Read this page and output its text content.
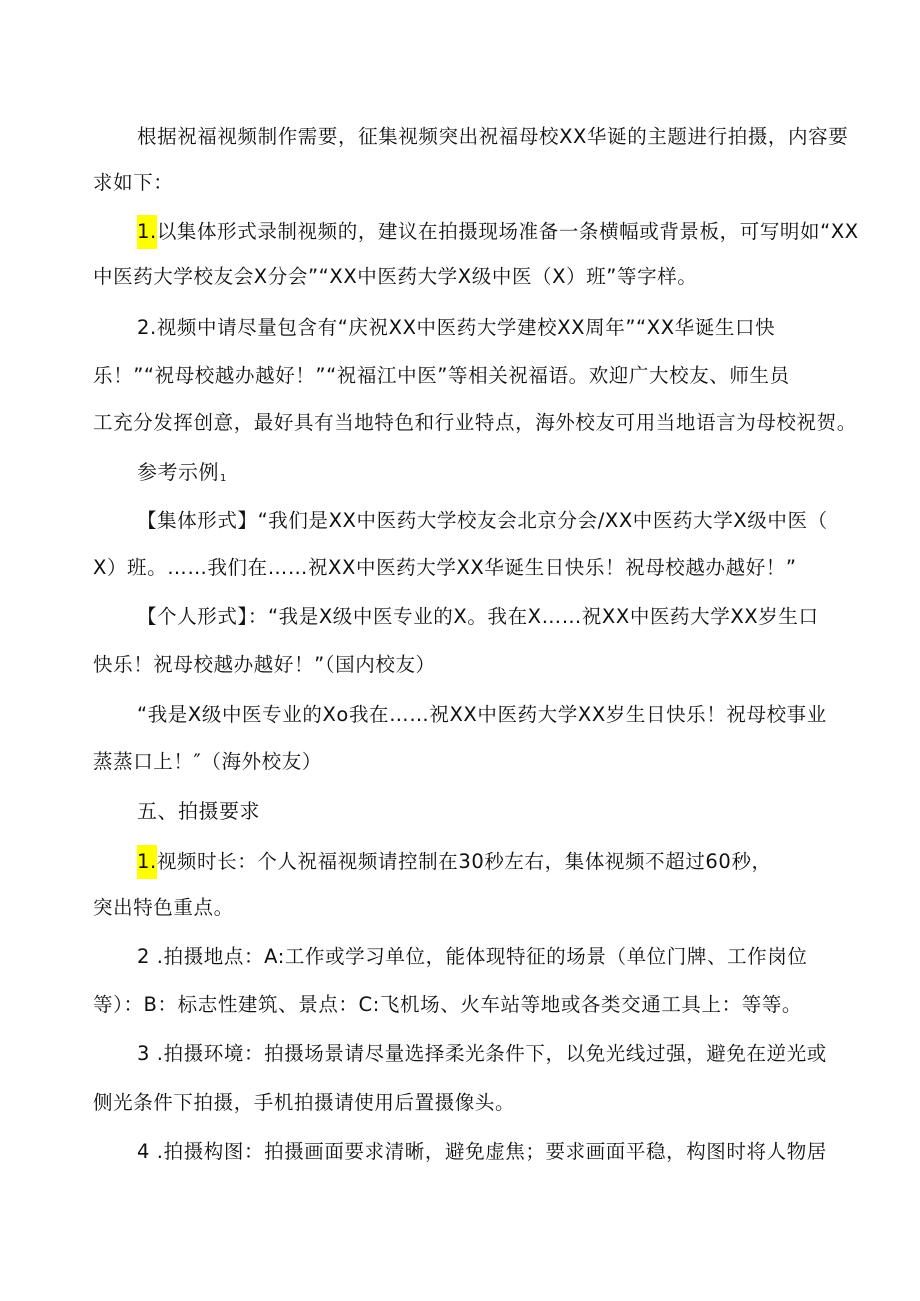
根据祝福视频制作需要，征集视频突出祝福母校XX华诞的主题进行拍摄，内容要
求如下：
1.以集体形式录制视频的，建议在拍摄现场准备一条横幅或背景板，可写明如“XX
中医药大学校友会X分会”“XX中医药大学X级中医（X）班”等字样。
2.视频中请尽量包含有“庆祝XX中医药大学建校XX周年”“XX华诞生口快
乐！”“祝母校越办越好！”“祝福江中医”等相关祝福语。欢迎广大校友、师生员
工充分发挥创意，最好具有当地特色和行业特点，海外校友可用当地语言为母校祝贺。
参考示例$_1$
【集体形式】“我们是XX中医药大学校友会北京分会/XX中医药大学X级中医（
X）班。……我们在……祝XX中医药大学XX华诞生日快乐！祝母校越办越好！”
【个人形式】：“我是X级中医专业的X。我在X……祝XX中医药大学XX岁生口
快乐！祝母校越办越好！”（国内校友）
“我是X级中医专业的Xo我在……祝XX中医药大学XX岁生日快乐！祝母校事业
蒸蒸口上！″（海外校友）
五、拍摄要求
1.视频时长：个人祝福视频请控制在30秒左右，集体视频不超过60秒，
突出特色重点。
2 .拍摄地点：A:工作或学习单位，能体现特征的场景（单位门牌、工作岗位
等）：B：标志性建筑、景点：C:飞机场、火车站等地或各类交通工具上：等等。
3 .拍摄环境：拍摄场景请尽量选择柔光条件下，以免光线过强，避免在逆光或
侧光条件下拍摄，手机拍摄请使用后置摄像头。
4 .拍摄构图：拍摄画面要求清晰，避免虚焦；要求画面平稳，构图时将人物居
